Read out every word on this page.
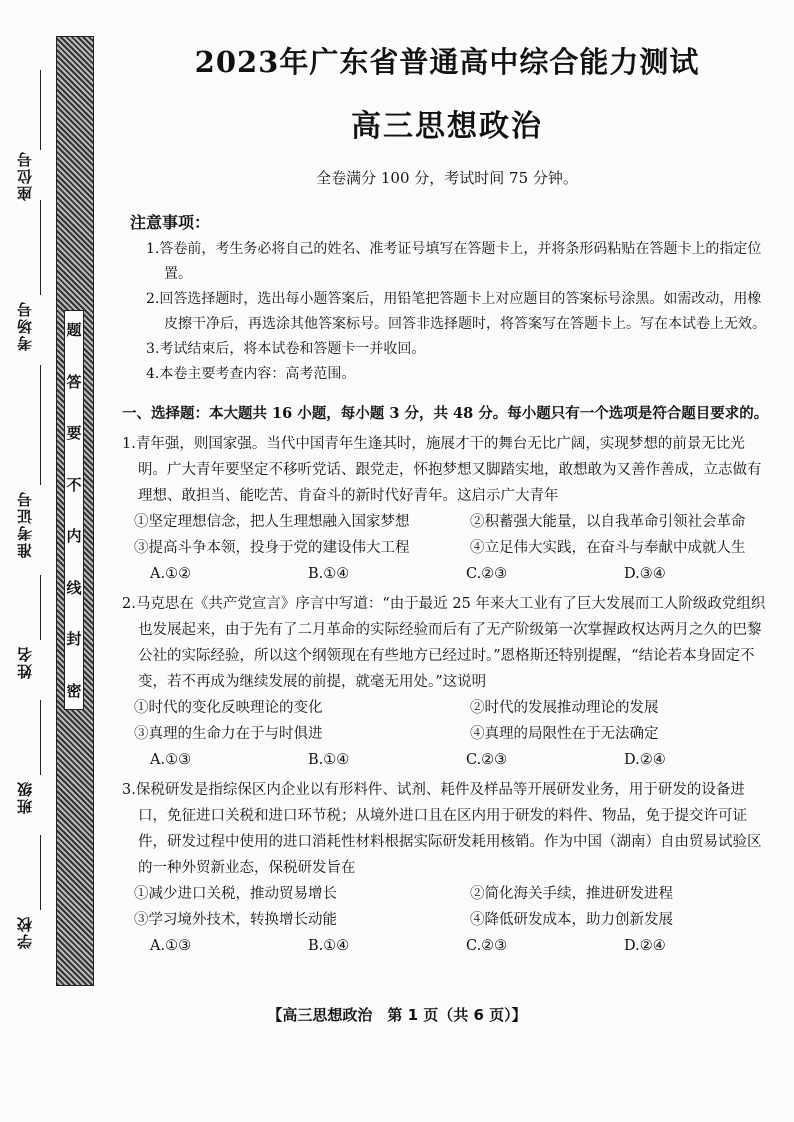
座位号
考场号
准考证号
姓名
班级
学校
题
答
要
不
内
线
封
密
2023年广东省普通高中综合能力测试
高三思想政治

全卷满分 100 分，考试时间 75 分钟。

注意事项：

1.答卷前，考生务必将自己的姓名、准考证号填写在答题卡上，并将条形码粘贴在答题卡上的指定位置。

2.回答选择题时，选出每小题答案后，用铅笔把答题卡上对应题目的答案标号涂黑。如需改动，用橡皮擦干净后，再选涂其他答案标号。回答非选择题时，将答案写在答题卡上。写在本试卷上无效。

3.考试结束后，将本试卷和答题卡一并收回。

4.本卷主要考查内容：高考范围。

一、选择题：本大题共 16 小题，每小题 3 分，共 48 分。每小题只有一个选项是符合题目要求的。

1.青年强，则国家强。当代中国青年生逢其时，施展才干的舞台无比广阔，实现梦想的前景无比光明。广大青年要坚定不移听党话、跟党走，怀抱梦想又脚踏实地，敢想敢为又善作善成，立志做有理想、敢担当、能吃苦、肯奋斗的新时代好青年。这启示广大青年

①坚定理想信念，把人生理想融入国家梦想	②积蓄强大能量，以自我革命引领社会革命
③提高斗争本领，投身于党的建设伟大工程	④立足伟大实践，在奋斗与奉献中成就人生
A.①②	B.①④	C.②③	D.③④

2.马克思在《共产党宣言》序言中写道：“由于最近 25 年来大工业有了巨大发展而工人阶级政党组织也发展起来，由于先有了二月革命的实际经验而后有了无产阶级第一次掌握政权达两月之久的巴黎公社的实际经验，所以这个纲领现在有些地方已经过时。”恩格斯还特别提醒，“结论若本身固定不变，若不再成为继续发展的前提，就毫无用处。”这说明

①时代的变化反映理论的变化	②时代的发展推动理论的发展
③真理的生命力在于与时俱进	④真理的局限性在于无法确定
A.①③	B.①④	C.②③	D.②④

3.保税研发是指综保区内企业以有形料件、试剂、耗件及样品等开展研发业务，用于研发的设备进口，免征进口关税和进口环节税；从境外进口且在区内用于研发的料件、物品，免于提交许可证件，研发过程中使用的进口消耗性材料根据实际研发耗用核销。作为中国（湖南）自由贸易试验区的一种外贸新业态，保税研发旨在

①减少进口关税，推动贸易增长	②简化海关手续，推进研发进程
③学习境外技术，转换增长动能	④降低研发成本，助力创新发展
A.①③	B.①④	C.②③	D.②④
【高三思想政治　第 1 页（共 6 页）】
